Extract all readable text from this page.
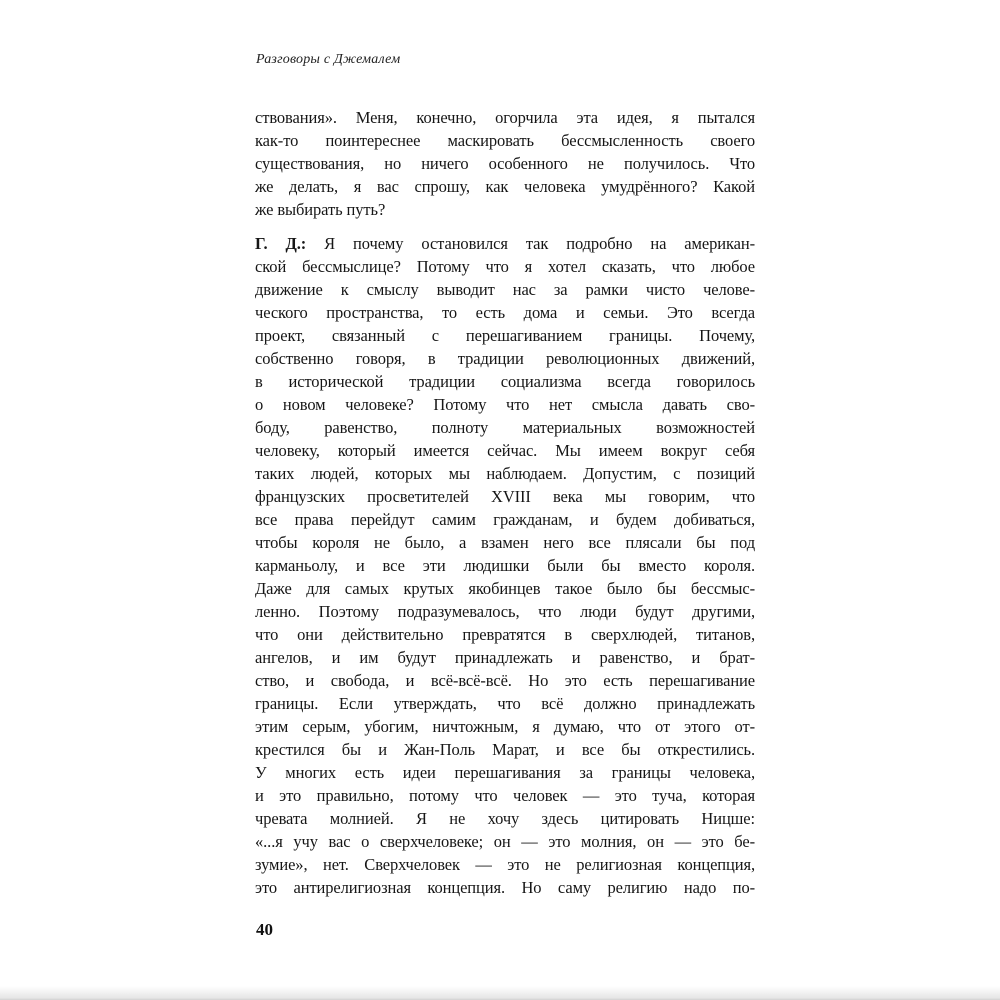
Разговоры с Джемалем
ствования». Меня, конечно, огорчила эта идея, я пытался
как-то поинтереснее маскировать бессмысленность своего
существования, но ничего особенного не получилось. Что
же делать, я вас спрошу, как человека умудрённого? Какой
же выбирать путь?
Г. Д.: Я почему остановился так подробно на американ-
ской бессмыслице? Потому что я хотел сказать, что любое
движение к смыслу выводит нас за рамки чисто челове-
ческого пространства, то есть дома и семьи. Это всегда
проект, связанный с перешагиванием границы. Почему,
собственно говоря, в традиции революционных движений,
в исторической традиции социализма всегда говорилось
о новом человеке? Потому что нет смысла давать сво-
боду, равенство, полноту материальных возможностей
человеку, который имеется сейчас. Мы имеем вокруг себя
таких людей, которых мы наблюдаем. Допустим, с позиций
французских просветителей XVIII века мы говорим, что
все права перейдут самим гражданам, и будем добиваться,
чтобы короля не было, а взамен него все плясали бы под
карманьолу, и все эти людишки были бы вместо короля.
Даже для самых крутых якобинцев такое было бы бессмыс-
ленно. Поэтому подразумевалось, что люди будут другими,
что они действительно превратятся в сверхлюдей, титанов,
ангелов, и им будут принадлежать и равенство, и брат-
ство, и свобода, и всё-всё-всё. Но это есть перешагивание
границы. Если утверждать, что всё должно принадлежать
этим серым, убогим, ничтожным, я думаю, что от этого от-
крестился бы и Жан-Поль Марат, и все бы открестились.
У многих есть идеи перешагивания за границы человека,
и это правильно, потому что человек — это туча, которая
чревата молнией. Я не хочу здесь цитировать Ницше:
«...я учу вас о сверхчеловеке; он — это молния, он — это бе-
зумие», нет. Сверхчеловек — это не религиозная концепция,
это антирелигиозная концепция. Но саму религию надо по-
40
